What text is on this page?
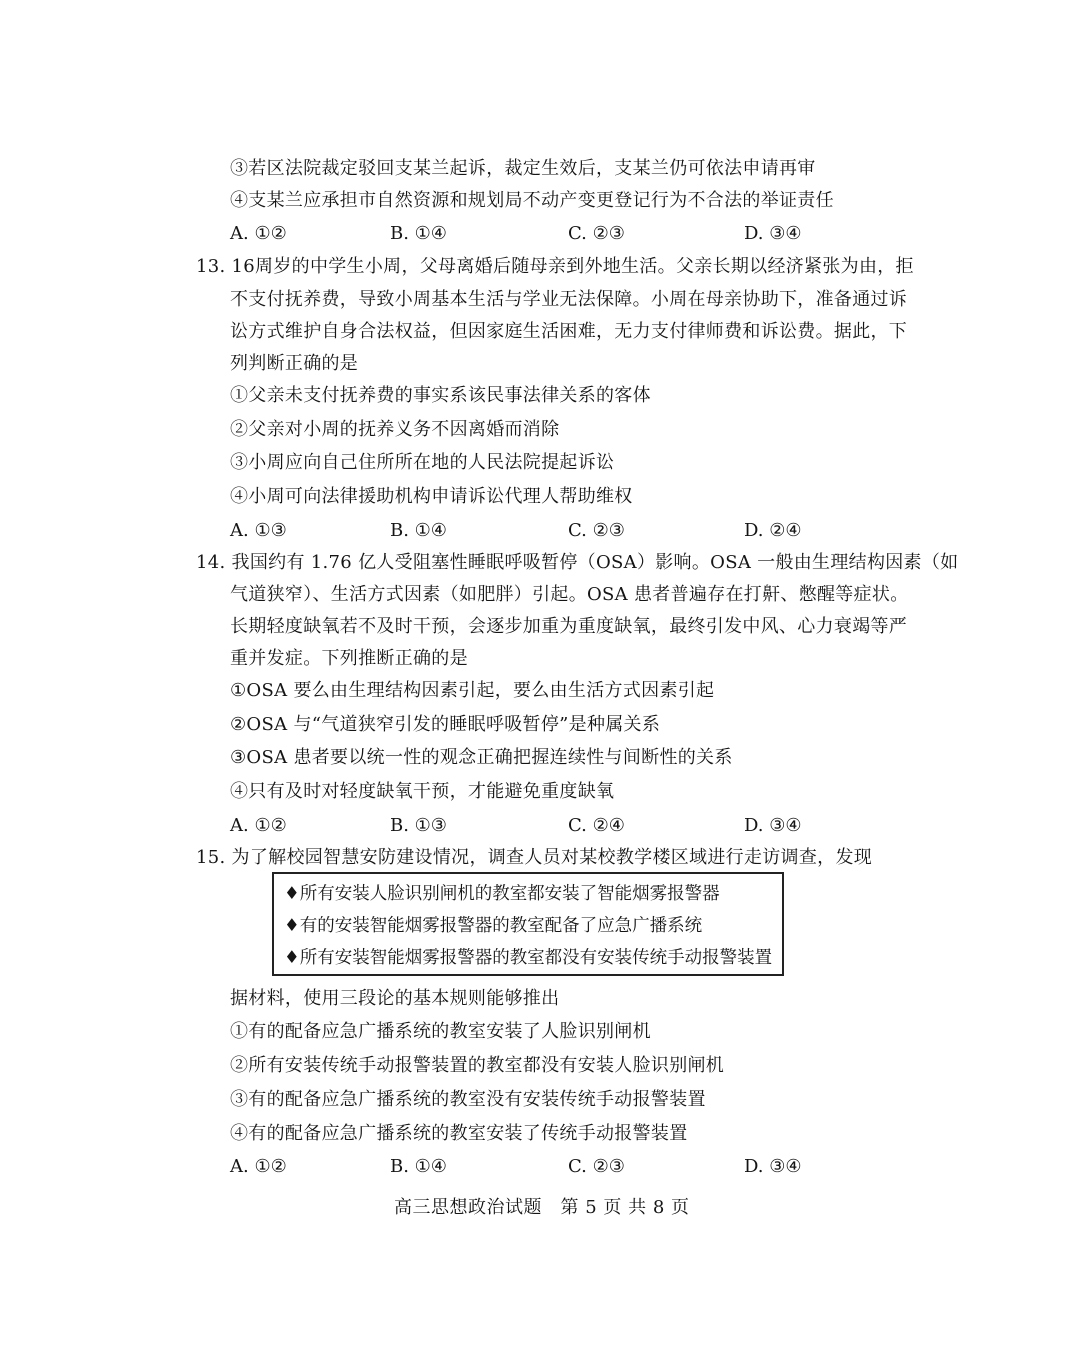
③若区法院裁定驳回支某兰起诉，裁定生效后，支某兰仍可依法申请再审
④支某兰应承担市自然资源和规划局不动产变更登记行为不合法的举证责任
A. ①②	B. ①④	C. ②③	D. ③④
13. 16周岁的中学生小周，父母离婚后随母亲到外地生活。父亲长期以经济紧张为由，拒
不支付抚养费，导致小周基本生活与学业无法保障。小周在母亲协助下，准备通过诉
讼方式维护自身合法权益，但因家庭生活困难，无力支付律师费和诉讼费。据此，下
列判断正确的是
①父亲未支付抚养费的事实系该民事法律关系的客体
②父亲对小周的抚养义务不因离婚而消除
③小周应向自己住所所在地的人民法院提起诉讼
④小周可向法律援助机构申请诉讼代理人帮助维权
A. ①③	B. ①④	C. ②③	D. ②④
14. 我国约有 1.76 亿人受阻塞性睡眠呼吸暂停（OSA）影响。OSA 一般由生理结构因素（如
气道狭窄）、生活方式因素（如肥胖）引起。OSA 患者普遍存在打鼾、憋醒等症状。
长期轻度缺氧若不及时干预，会逐步加重为重度缺氧，最终引发中风、心力衰竭等严
重并发症。下列推断正确的是
①OSA 要么由生理结构因素引起，要么由生活方式因素引起
②OSA 与“气道狭窄引发的睡眠呼吸暂停”是种属关系
③OSA 患者要以统一性的观念正确把握连续性与间断性的关系
④只有及时对轻度缺氧干预，才能避免重度缺氧
A. ①②	B. ①③	C. ②④	D. ③④
15. 为了解校园智慧安防建设情况，调查人员对某校教学楼区域进行走访调查，发现
♦所有安装人脸识别闸机的教室都安装了智能烟雾报警器
♦有的安装智能烟雾报警器的教室配备了应急广播系统
♦所有安装智能烟雾报警器的教室都没有安装传统手动报警装置
据材料，使用三段论的基本规则能够推出
①有的配备应急广播系统的教室安装了人脸识别闸机
②所有安装传统手动报警装置的教室都没有安装人脸识别闸机
③有的配备应急广播系统的教室没有安装传统手动报警装置
④有的配备应急广播系统的教室安装了传统手动报警装置
A. ①②	B. ①④	C. ②③	D. ③④
高三思想政治试题　第 5 页 共 8 页
